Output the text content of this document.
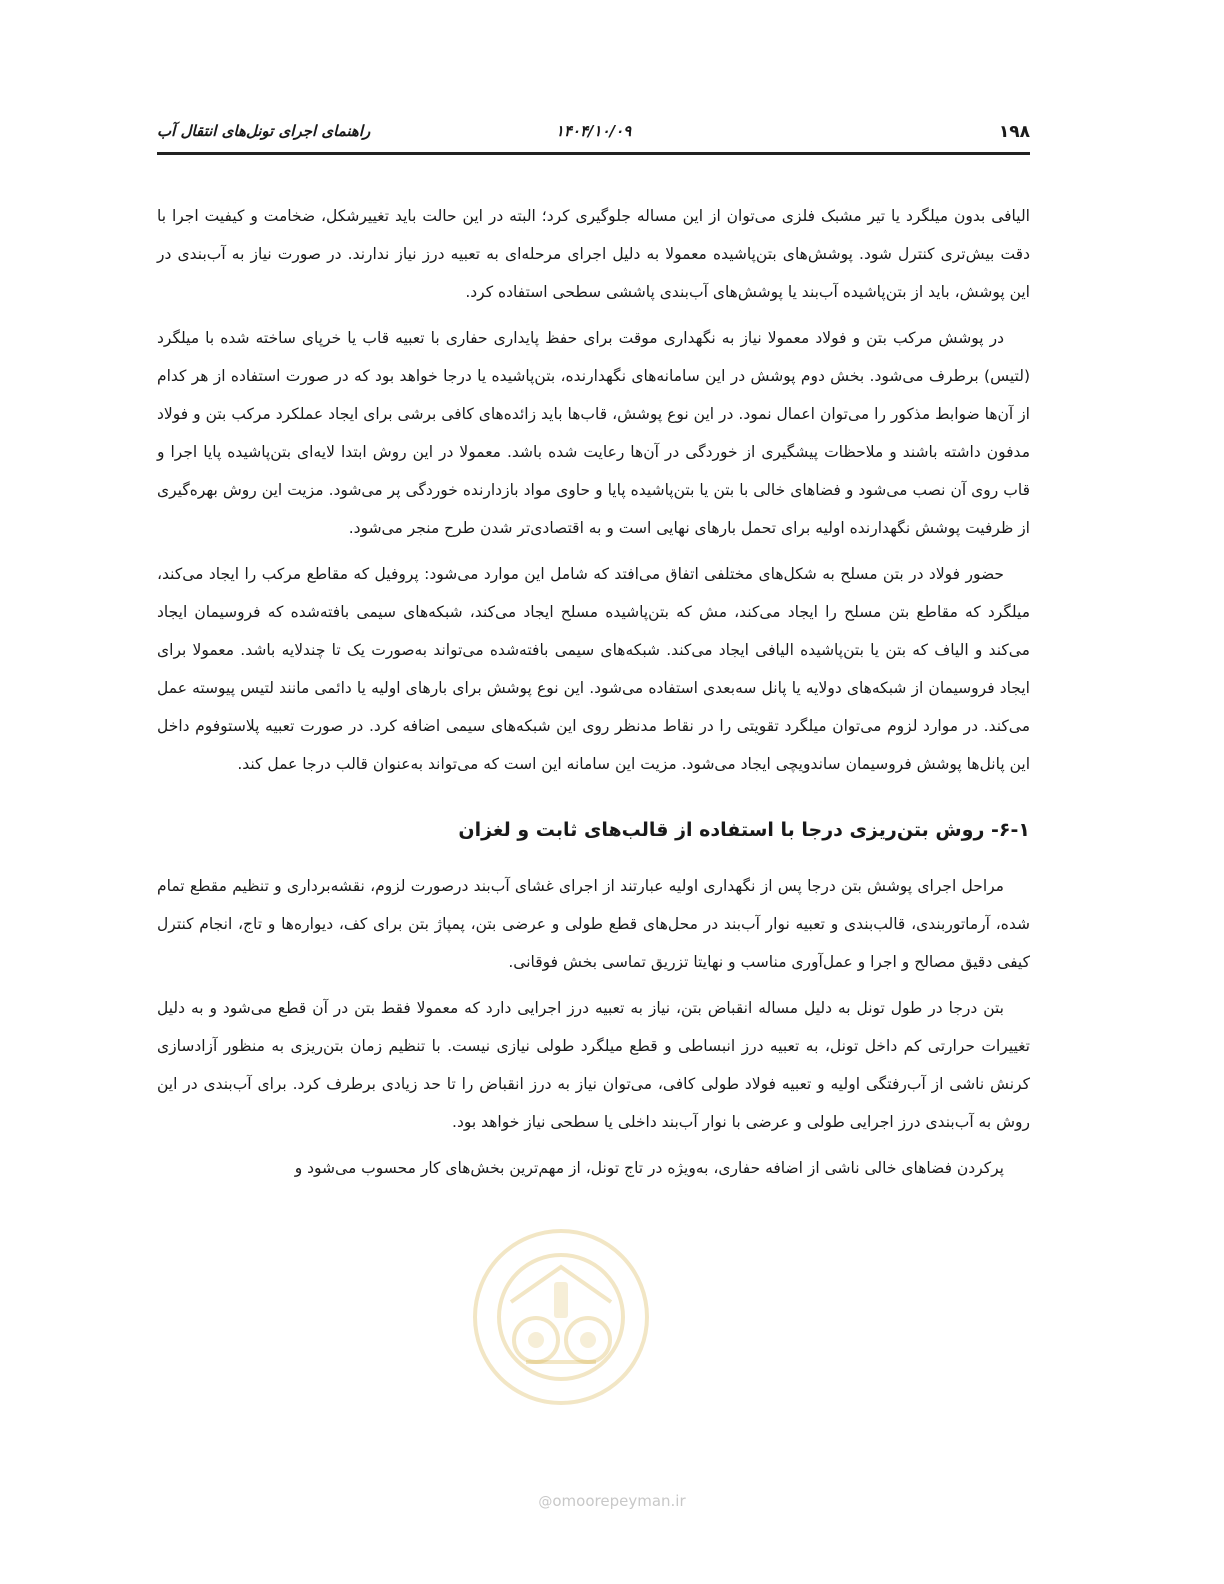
۱۹۸
۱۴۰۴/۱۰/۰۹
راهنمای اجرای تونل‌های انتقال آب

الیافی بدون میلگرد یا تیر مشبک فلزی می‌توان از این مساله جلوگیری کرد؛ البته در این حالت باید تغییرشکل، ضخامت و کیفیت اجرا با دقت بیش‌تری کنترل شود. پوشش‌های بتن‌پاشیده معمولا به دلیل اجرای مرحله‌ای به تعبیه درز نیاز ندارند. در صورت نیاز به آب‌بندی در این پوشش، باید از بتن‌پاشیده آب‌بند یا پوشش‌های آب‌بندی پاششی سطحی استفاده کرد.

در پوشش مرکب بتن و فولاد معمولا نیاز به نگهداری موقت برای حفظ پایداری حفاری با تعبیه قاب یا خرپای ساخته شده با میلگرد (لتیس) برطرف می‌شود. بخش دوم پوشش در این سامانه‌های نگهدارنده، بتن‌پاشیده یا درجا خواهد بود که در صورت استفاده از هر کدام از آن‌ها ضوابط مذکور را می‌توان اعمال نمود. در این نوع پوشش، قاب‌ها باید زائده‌های کافی برشی برای ایجاد عملکرد مرکب بتن و فولاد مدفون داشته باشند و ملاحظات پیشگیری از خوردگی در آن‌ها رعایت شده باشد. معمولا در این روش ابتدا لایه‌ای بتن‌پاشیده پایا اجرا و قاب روی آن نصب می‌شود و فضاهای خالی با بتن یا بتن‌پاشیده پایا و حاوی مواد بازدارنده خوردگی پر می‌شود. مزیت این روش بهره‌گیری از ظرفیت پوشش نگهدارنده اولیه برای تحمل بارهای نهایی است و به اقتصادی‌تر شدن طرح منجر می‌شود.

حضور فولاد در بتن مسلح به شکل‌های مختلفی اتفاق می‌افتد که شامل این موارد می‌شود: پروفیل که مقاطع مرکب را ایجاد می‌کند، میلگرد که مقاطع بتن مسلح را ایجاد می‌کند، مش که بتن‌پاشیده مسلح ایجاد می‌کند، شبکه‌های سیمی بافته‌شده که فروسیمان ایجاد می‌کند و الیاف که بتن یا بتن‌پاشیده الیافی ایجاد می‌کند. شبکه‌های سیمی بافته‌شده می‌تواند به‌صورت یک تا چندلایه باشد. معمولا برای ایجاد فروسیمان از شبکه‌های دولایه یا پانل سه‌بعدی استفاده می‌شود. این نوع پوشش برای بارهای اولیه یا دائمی مانند لتیس پیوسته عمل می‌کند. در موارد لزوم می‌توان میلگرد تقویتی را در نقاط مدنظر روی این شبکه‌های سیمی اضافه کرد. در صورت تعبیه پلاستوفوم داخل این پانل‌ها پوشش فروسیمان ساندویچی ایجاد می‌شود. مزیت این سامانه این است که می‌تواند به‌عنوان قالب درجا عمل کند.

۶-۱- روش بتن‌ریزی درجا با استفاده از قالب‌های ثابت و لغزان

مراحل اجرای پوشش بتن درجا پس از نگهداری اولیه عبارتند از اجرای غشای آب‌بند درصورت لزوم، نقشه‌برداری و تنظیم مقطع تمام شده، آرماتوربندی، قالب‌بندی و تعبیه نوار آب‌بند در محل‌های قطع طولی و عرضی بتن، پمپاژ بتن برای کف، دیواره‌ها و تاج، انجام کنترل کیفی دقیق مصالح و اجرا و عمل‌آوری مناسب و نهایتا تزریق تماسی بخش فوقانی.

بتن درجا در طول تونل به دلیل مساله انقباض بتن، نیاز به تعبیه درز اجرایی دارد که معمولا فقط بتن در آن قطع می‌شود و به دلیل تغییرات حرارتی کم داخل تونل، به تعبیه درز انبساطی و قطع میلگرد طولی نیازی نیست. با تنظیم زمان بتن‌ریزی به منظور آزادسازی کرنش ناشی از آب‌رفتگی اولیه و تعبیه فولاد طولی کافی، می‌توان نیاز به درز انقباض را تا حد زیادی برطرف کرد. برای آب‌بندی در این روش به آب‌بندی درز اجرایی طولی و عرضی با نوار آب‌بند داخلی یا سطحی نیاز خواهد بود.

پرکردن فضاهای خالی ناشی از اضافه حفاری، به‌ویژه در تاج تونل، از مهم‌ترین بخش‌های کار محسوب می‌شود و

@omoorepeyman.ir
